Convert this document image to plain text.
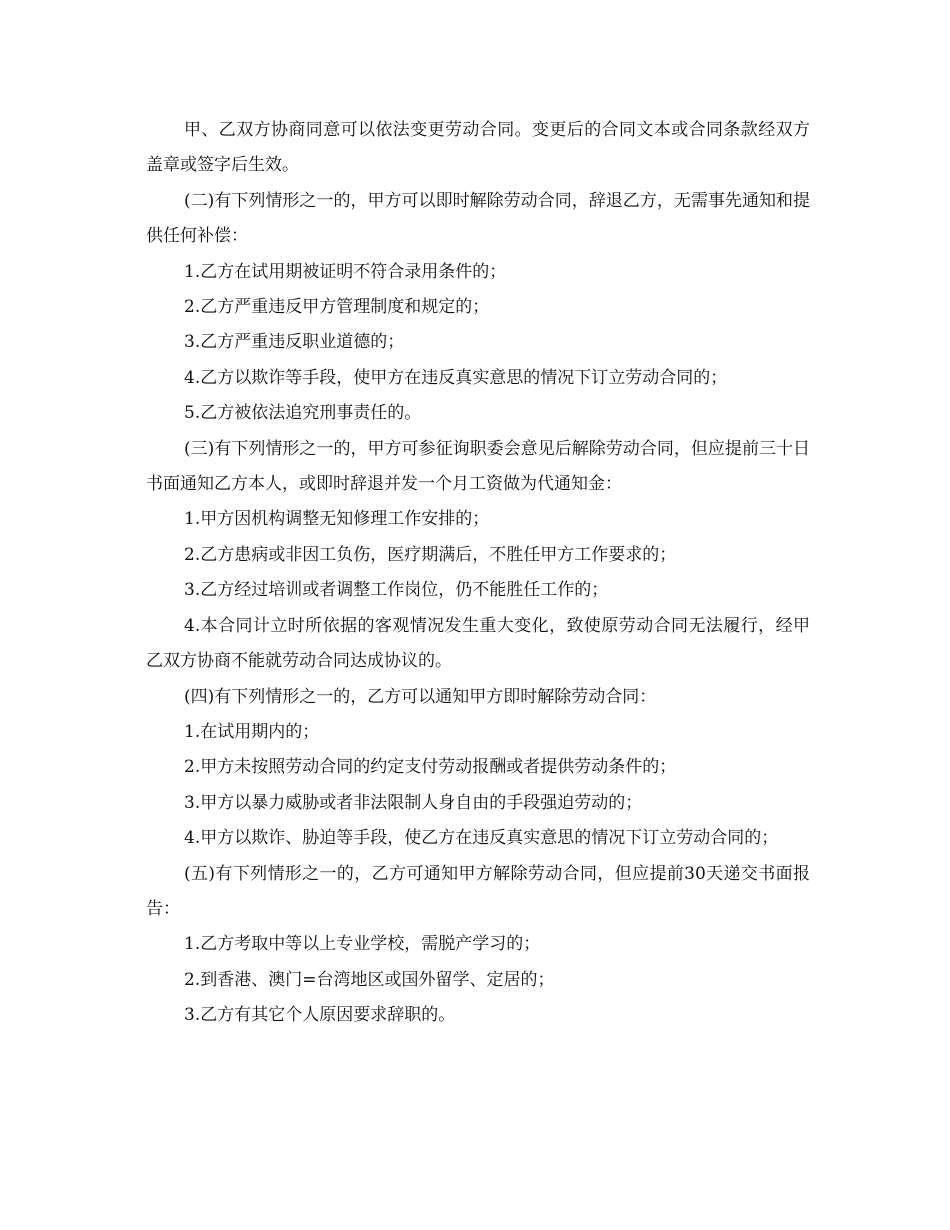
甲、乙双方协商同意可以依法变更劳动合同。变更后的合同文本或合同条款经双方盖章或签字后生效。

(二)有下列情形之一的，甲方可以即时解除劳动合同，辞退乙方，无需事先通知和提供任何补偿：

1.乙方在试用期被证明不符合录用条件的；

2.乙方严重违反甲方管理制度和规定的；

3.乙方严重违反职业道德的；

4.乙方以欺诈等手段，使甲方在违反真实意思的情况下订立劳动合同的；

5.乙方被依法追究刑事责任的。

(三)有下列情形之一的，甲方可参征询职委会意见后解除劳动合同，但应提前三十日书面通知乙方本人，或即时辞退并发一个月工资做为代通知金：

1.甲方因机构调整无知修理工作安排的；

2.乙方患病或非因工负伤，医疗期满后，不胜任甲方工作要求的；

3.乙方经过培训或者调整工作岗位，仍不能胜任工作的；

4.本合同计立时所依据的客观情况发生重大变化，致使原劳动合同无法履行，经甲乙双方协商不能就劳动合同达成协议的。

(四)有下列情形之一的，乙方可以通知甲方即时解除劳动合同：

1.在试用期内的；

2.甲方未按照劳动合同的约定支付劳动报酬或者提供劳动条件的；

3.甲方以暴力威胁或者非法限制人身自由的手段强迫劳动的；

4.甲方以欺诈、胁迫等手段，使乙方在违反真实意思的情况下订立劳动合同的；

(五)有下列情形之一的，乙方可通知甲方解除劳动合同，但应提前30天递交书面报告：

1.乙方考取中等以上专业学校，需脱产学习的；

2.到香港、澳门=台湾地区或国外留学、定居的；

3.乙方有其它个人原因要求辞职的。
